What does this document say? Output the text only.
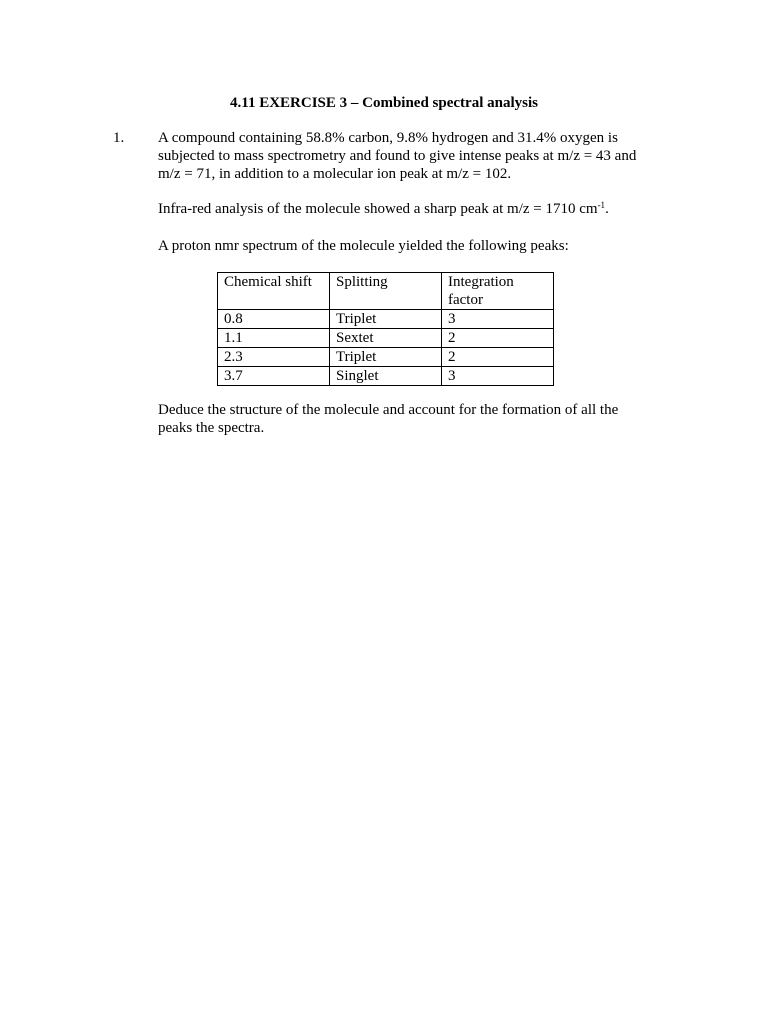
4.11 EXERCISE 3 – Combined spectral analysis
1. A compound containing 58.8% carbon, 9.8% hydrogen and 31.4% oxygen is subjected to mass spectrometry and found to give intense peaks at m/z = 43 and m/z = 71, in addition to a molecular ion peak at m/z = 102.
Infra-red analysis of the molecule showed a sharp peak at m/z = 1710 $cm^{-1}$.
A proton nmr spectrum of the molecule yielded the following peaks:
Chemical shift	Splitting	Integration factor
0.8	Triplet	3
1.1	Sextet	2
2.3	Triplet	2
3.7	Singlet	3
Deduce the structure of the molecule and account for the formation of all the peaks the spectra.
